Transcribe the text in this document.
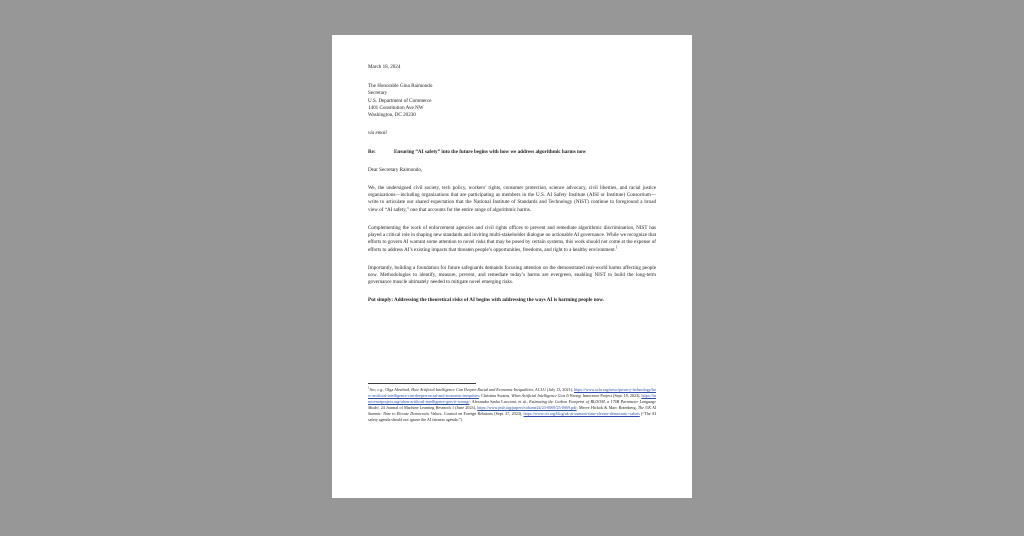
March 18, 2024
The Honorable Gina Raimondo
Secretary
U.S. Department of Commerce
1401 Constitution Ave NW
Washington, DC 20230
via email
Re:	Ensuring “AI safety” into the future begins with how we address algorithmic harms now
Dear Secretary Raimondo,

We, the undersigned civil society, tech policy, workers’ rights, consumer protection, science advocacy, civil liberties, and racial justice organizations—including organizations that are participating as members in the U.S. AI Safety Institute (AISI or Institute) Consortium—write to articulate our shared expectation that the National Institute of Standards and Technology (NIST) continue to foreground a broad view of “AI safety,” one that accounts for the entire range of algorithmic harms.

Complementing the work of enforcement agencies and civil rights offices to prevent and remediate algorithmic discrimination, NIST has played a critical role in shaping new standards and inviting multi-stakeholder dialogue on actionable AI governance. While we recognize that efforts to govern AI warrant some attention to novel risks that may be posed by certain systems, this work should not come at the expense of efforts to address AI’s existing impacts that threaten people’s opportunities, freedoms, and right to a healthy environment.$^1$

Importantly, building a foundation for future safeguards demands focusing attention on the demonstrated real-world harms affecting people now. Methodologies to identify, measure, prevent, and remediate today’s harms are evergreen, enabling NIST to build the long-term governance muscle ultimately needed to mitigate novel emerging risks.

Put simply: Addressing the theoretical risks of AI begins with addressing the ways AI is harming people now.

$^1$See, e.g., Olga Akselrod, How Artificial Intelligence Can Deepen Racial and Economic Inequalities, ACLU (July 13, 2021), https://www.aclu.org/news/privacy-technology/how-artificial-intelligence-can-deepen-racial-and-economic-inequities; Christina Swarns, When Artificial Intelligence Gets It Wrong, Innocence Project (Sept. 19, 2023), https://innocenceproject.org/when-artificial-intelligence-gets-it-wrong/; Alexandra Sasha Luccioni, et al., Estimating the Carbon Footprint of BLOOM, a 176B Parameter Language Model, 24 Journal of Machine Learning Research 1 (June 2023), https://www.jmlr.org/papers/volume24/23-0069/23-0069.pdf; Merve Hickok & Marc Rotenberg, The UK AI Summit: Time to Elevate Democratic Values, Council on Foreign Relations (Sept. 27, 2023), https://www.cfr.org/blog/uk-ai-summit-time-elevate-democratic-values (“The AI safety agenda should not ignore the AI fairness agenda.”).
